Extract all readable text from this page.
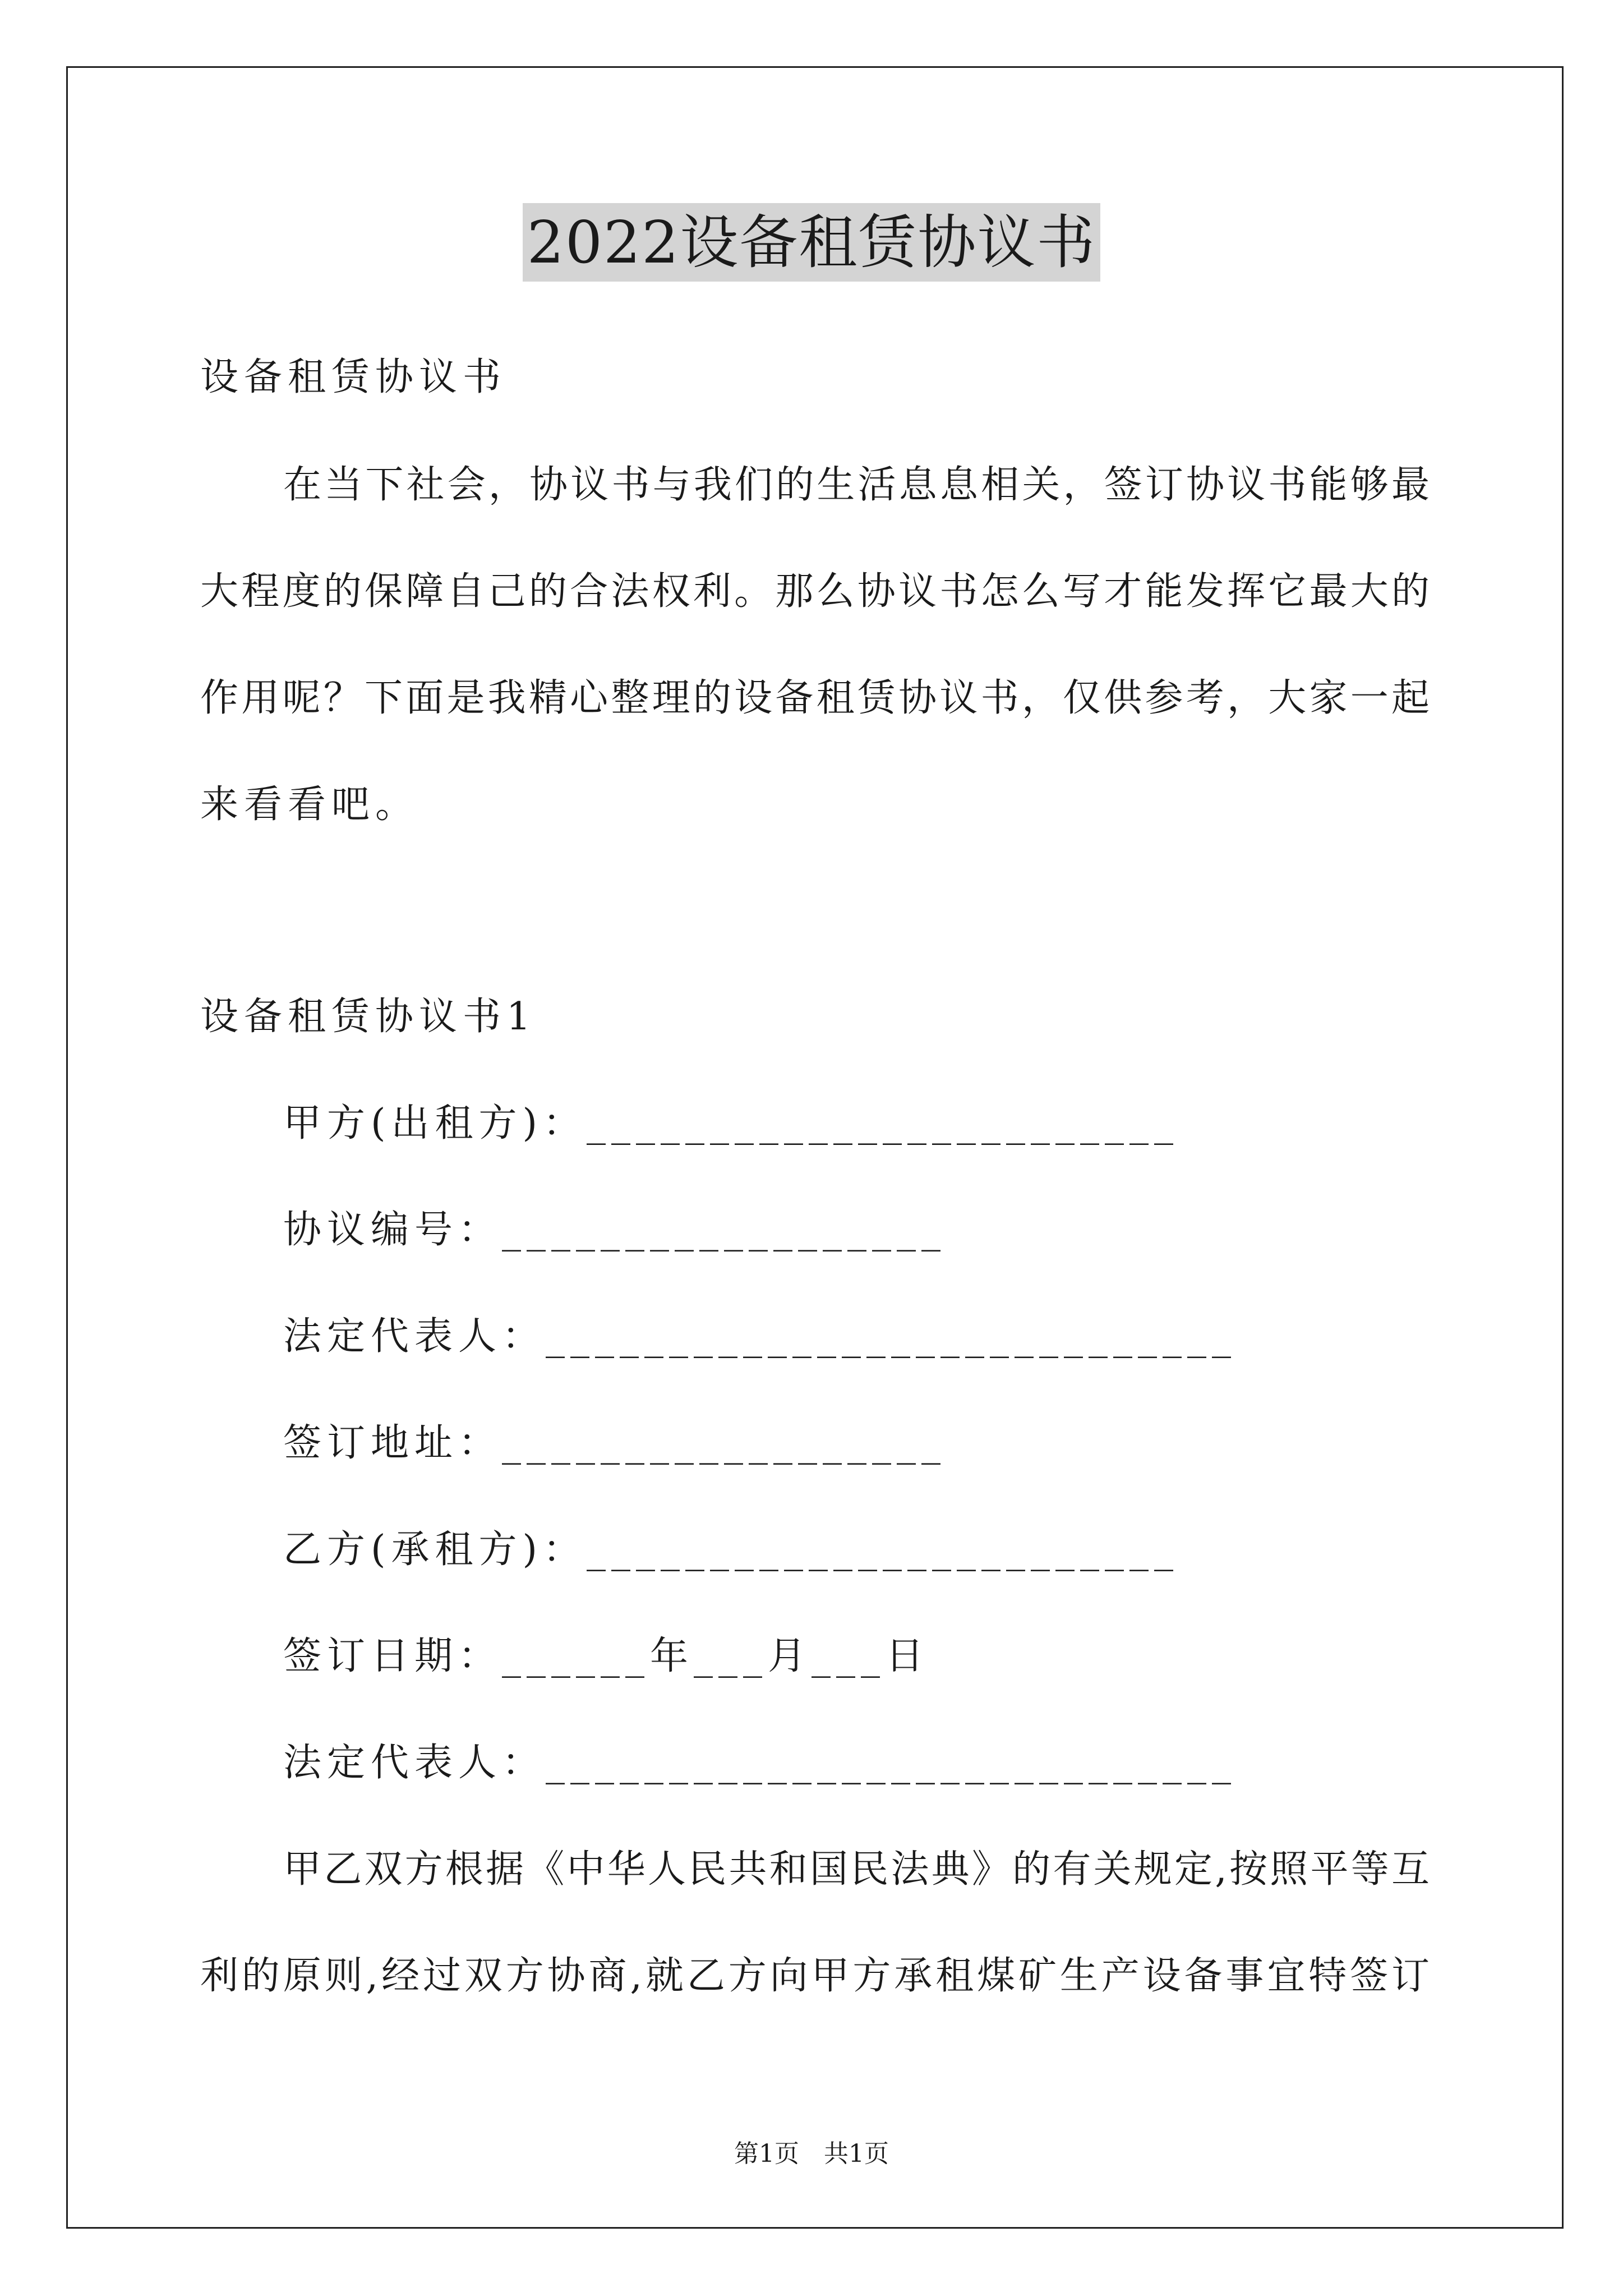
2022设备租赁协议书
设备租赁协议书
在当下社会，协议书与我们的生活息息相关，签订协议书能够最
大程度的保障自己的合法权利。那么协议书怎么写才能发挥它最大的
作用呢？下面是我精心整理的设备租赁协议书，仅供参考，大家一起
来看看吧。
设备租赁协议书1
甲方(出租方)：________________________
协议编号：__________________
法定代表人：____________________________
签订地址：__________________
乙方(承租方)：________________________
签订日期：______年___月___日
法定代表人：____________________________
甲乙双方根据《中华人民共和国民法典》的有关规定,按照平等互
利的原则,经过双方协商,就乙方向甲方承租煤矿生产设备事宜特签订
第1页　共1页
